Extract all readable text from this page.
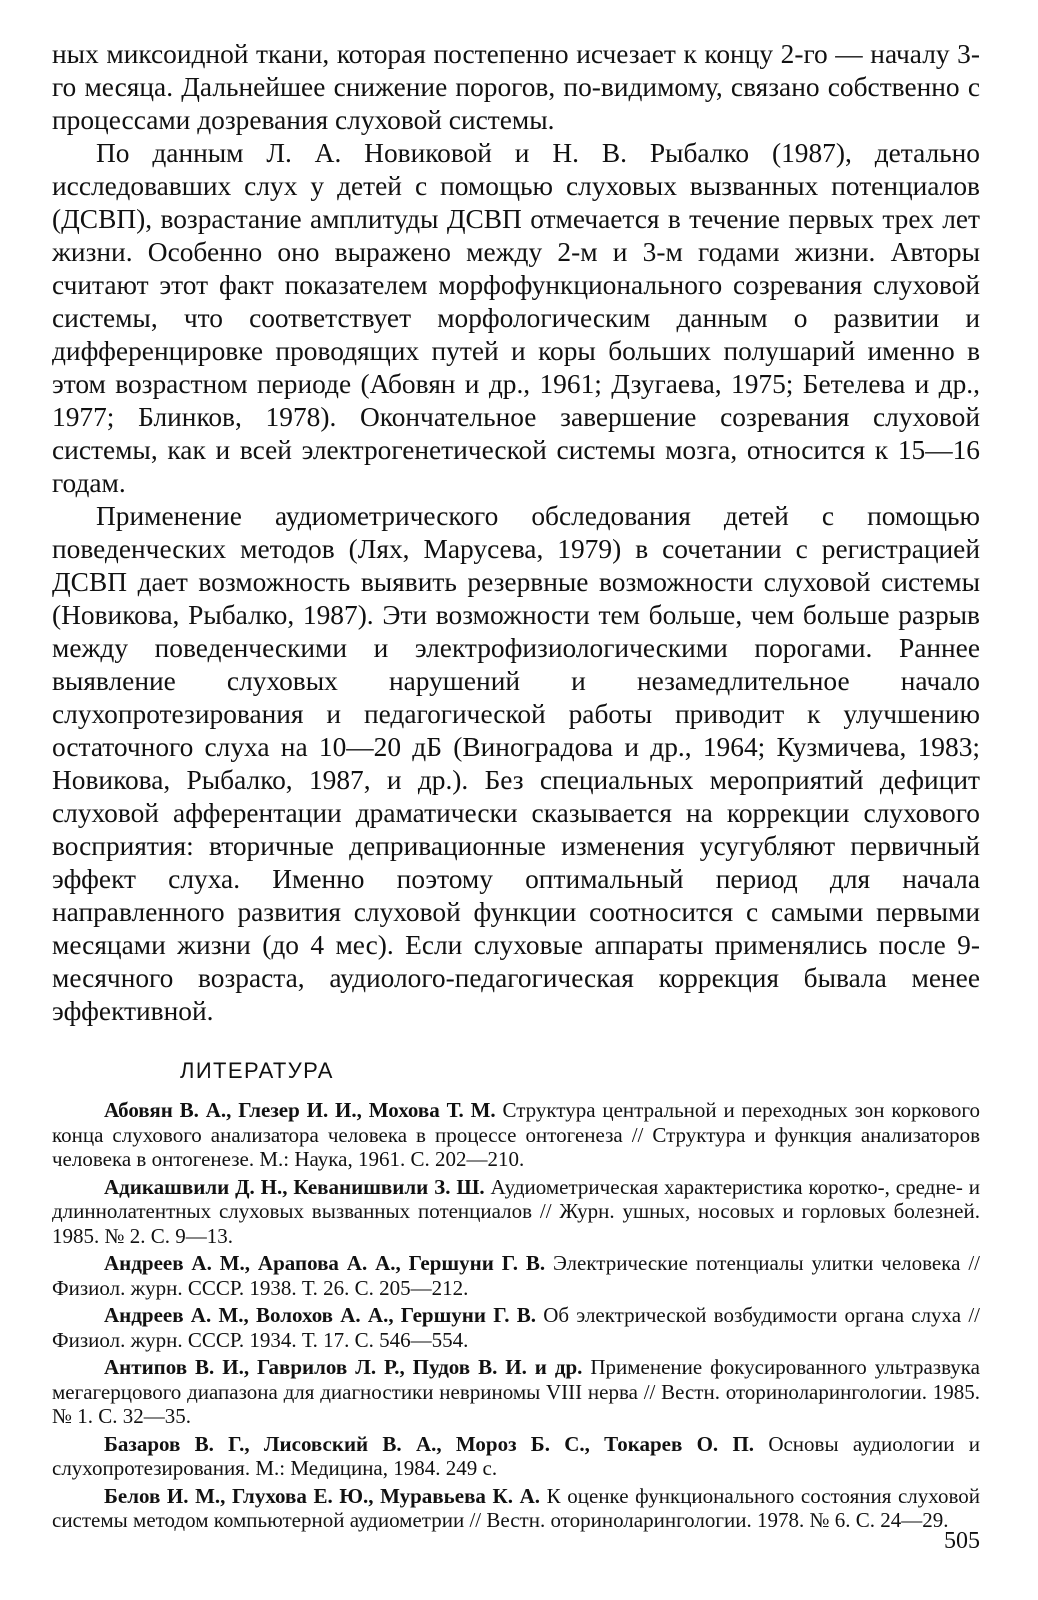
ных миксоидной ткани, которая постепенно исчезает к концу 2-го — началу 3-го месяца. Дальнейшее снижение порогов, по-видимому, связано собственно с процессами дозревания слуховой системы.

По данным Л. А. Новиковой и Н. В. Рыбалко (1987), детально исследовавших слух у детей с помощью слуховых вызванных потенциалов (ДСВП), возрастание амплитуды ДСВП отмечается в течение первых трех лет жизни. Особенно оно выражено между 2-м и 3-м годами жизни. Авторы считают этот факт показателем морфофункционального созревания слуховой системы, что соответствует морфологическим данным о развитии и дифференцировке проводящих путей и коры больших полушарий именно в этом возрастном периоде (Абовян и др., 1961; Дзугаева, 1975; Бетелева и др., 1977; Блинков, 1978). Окончательное завершение созревания слуховой системы, как и всей электрогенетической системы мозга, относится к 15—16 годам.

Применение аудиометрического обследования детей с помощью поведенческих методов (Лях, Марусева, 1979) в сочетании с регистрацией ДСВП дает возможность выявить резервные возможности слуховой системы (Новикова, Рыбалко, 1987). Эти возможности тем больше, чем больше разрыв между поведенческими и электрофизиологическими порогами. Раннее выявление слуховых нарушений и незамедлительное начало слухопротезирования и педагогической работы приводит к улучшению остаточного слуха на 10—20 дБ (Виноградова и др., 1964; Кузмичева, 1983; Новикова, Рыбалко, 1987, и др.). Без специальных мероприятий дефицит слуховой афферентации драматически сказывается на коррекции слухового восприятия: вторичные депривационные изменения усугубляют первичный эффект слуха. Именно поэтому оптимальный период для начала направленного развития слуховой функции соотносится с самыми первыми месяцами жизни (до 4 мес). Если слуховые аппараты применялись после 9-месячного возраста, аудиолого-педагогическая коррекция бывала менее эффективной.

ЛИТЕРАТУРА
Абовян В. А., Глезер И. И., Мохова Т. М. Структура центральной и переходных зон коркового конца слухового анализатора человека в процессе онтогенеза // Структура и функция анализаторов человека в онтогенезе. М.: Наука, 1961. С. 202—210.
Адикашвили Д. Н., Кеванишвили З. Ш. Аудиометрическая характеристика коротко-, средне- и длиннолатентных слуховых вызванных потенциалов // Журн. ушных, носовых и горловых болезней. 1985. № 2. С. 9—13.
Андреев А. М., Арапова А. А., Гершуни Г. В. Электрические потенциалы улитки человека // Физиол. журн. СССР. 1938. Т. 26. С. 205—212.
Андреев А. М., Волохов А. А., Гершуни Г. В. Об электрической возбудимости органа слуха // Физиол. журн. СССР. 1934. Т. 17. С. 546—554.
Антипов В. И., Гаврилов Л. Р., Пудов В. И. и др. Применение фокусированного ультразвука мегагерцового диапазона для диагностики невриномы VIII нерва // Вестн. оториноларингологии. 1985. № 1. С. 32—35.
Базаров В. Г., Лисовский В. А., Мороз Б. С., Токарев О. П. Основы аудиологии и слухопротезирования. М.: Медицина, 1984. 249 с.
Белов И. М., Глухова Е. Ю., Муравьева К. А. К оценке функционального состояния слуховой системы методом компьютерной аудиометрии // Вестн. оториноларингологии. 1978. № 6. С. 24—29.
505
